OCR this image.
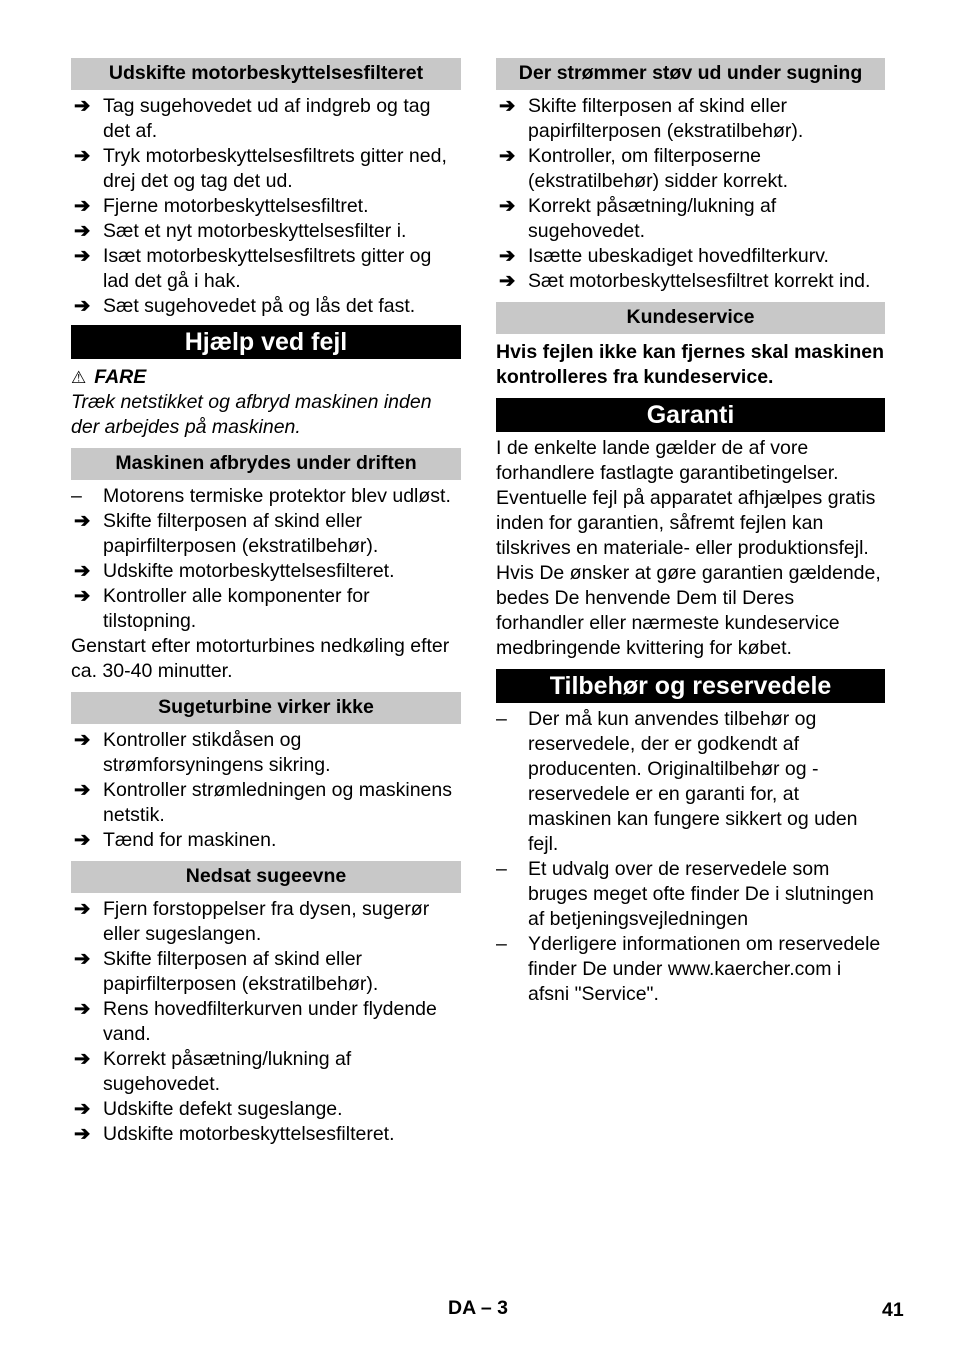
Udskifte motorbeskyttelsesfilteret
➔ Tag sugehovedet ud af indgreb og tag det af.
➔ Tryk motorbeskyttelsesfiltrets gitter ned, drej det og tag det ud.
➔ Fjerne motorbeskyttelsesfiltret.
➔ Sæt et nyt motorbeskyttelsesfilter i.
➔ Isæt motorbeskyttelsesfiltrets gitter og lad det gå i hak.
➔ Sæt sugehovedet på og lås det fast.
Hjælp ved fejl
⚠ FARE
Træk netstikket og afbryd maskinen inden der arbejdes på maskinen.
Maskinen afbrydes under driften
–	Motorens termiske protektor blev udløst.
➔ Skifte filterposen af skind eller papirfilterposen (ekstratilbehør).
➔ Udskifte motorbeskyttelsesfilteret.
➔ Kontroller alle komponenter for tilstopning.
Genstart efter motorturbines nedkøling efter ca. 30-40 minutter.
Sugeturbine virker ikke
➔ Kontroller stikdåsen og strømforsyningens sikring.
➔ Kontroller strømledningen og maskinens netstik.
➔ Tænd for maskinen.
Nedsat sugeevne
➔ Fjern forstoppelser fra dysen, sugerør eller sugeslangen.
➔ Skifte filterposen af skind eller papirfilterposen (ekstratilbehør).
➔ Rens hovedfilterkurven under flydende vand.
➔ Korrekt påsætning/lukning af sugehovedet.
➔ Udskifte defekt sugeslange.
➔ Udskifte motorbeskyttelsesfilteret.
Der strømmer støv ud under sugning
➔ Skifte filterposen af skind eller papirfilterposen (ekstratilbehør).
➔ Kontroller, om filterposerne (ekstratilbehør) sidder korrekt.
➔ Korrekt påsætning/lukning af sugehovedet.
➔ Isætte ubeskadiget hovedfilterkurv.
➔ Sæt motorbeskyttelsesfiltret korrekt ind.
Kundeservice
Hvis fejlen ikke kan fjernes skal maskinen kontrolleres fra kundeservice.
Garanti
I de enkelte lande gælder de af vore forhandlere fastlagte garantibetingelser. Eventuelle fejl på apparatet afhjælpes gratis inden for garantien, såfremt fejlen kan tilskrives en materiale- eller produktionsfejl. Hvis De ønsker at gøre garantien gældende, bedes De henvende Dem til Deres forhandler eller nærmeste kundeservice medbringende kvittering for købet.
Tilbehør og reservedele
–	Der må kun anvendes tilbehør og reservedele, der er godkendt af producenten. Originaltilbehør og -reservedele er en garanti for, at maskinen kan fungere sikkert og uden fejl.
–	Et udvalg over de reservedele som bruges meget ofte finder De i slutningen af betjeningsvejledningen
–	Yderligere informationen om reservedele finder De under www.kaercher.com i afsni "Service".
DA – 3	41
